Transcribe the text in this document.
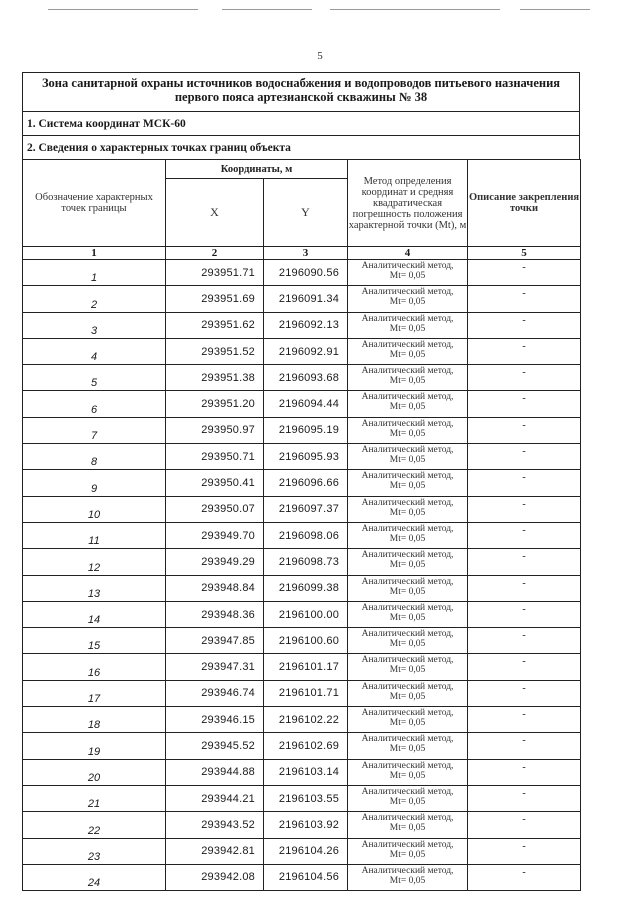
5
Зона санитарной охраны источников водоснабжения и водопроводов питьевого назначения первого пояса артезианской скважины № 38
1. Система координат МСК-60
2. Сведения о характерных точках границ объекта
Обозначение характерных точек границы	Координаты, м		Метод определения координат и средняя квадратическая погрешность положения характерной точки (Mt), м	Описание закрепления точки
	X	Y		
1	2	3	4	5
1	293951.71	2196090.56	Аналитический метод,
Mt= 0,05	-
2	293951.69	2196091.34	Аналитический метод,
Mt= 0,05	-
3	293951.62	2196092.13	Аналитический метод,
Mt= 0,05	-
4	293951.52	2196092.91	Аналитический метод,
Mt= 0,05	-
5	293951.38	2196093.68	Аналитический метод,
Mt= 0,05	-
6	293951.20	2196094.44	Аналитический метод,
Mt= 0,05	-
7	293950.97	2196095.19	Аналитический метод,
Mt= 0,05	-
8	293950.71	2196095.93	Аналитический метод,
Mt= 0,05	-
9	293950.41	2196096.66	Аналитический метод,
Mt= 0,05	-
10	293950.07	2196097.37	Аналитический метод,
Mt= 0,05	-
11	293949.70	2196098.06	Аналитический метод,
Mt= 0,05	-
12	293949.29	2196098.73	Аналитический метод,
Mt= 0,05	-
13	293948.84	2196099.38	Аналитический метод,
Mt= 0,05	-
14	293948.36	2196100.00	Аналитический метод,
Mt= 0,05	-
15	293947.85	2196100.60	Аналитический метод,
Mt= 0,05	-
16	293947.31	2196101.17	Аналитический метод,
Mt= 0,05	-
17	293946.74	2196101.71	Аналитический метод,
Mt= 0,05	-
18	293946.15	2196102.22	Аналитический метод,
Mt= 0,05	-
19	293945.52	2196102.69	Аналитический метод,
Mt= 0,05	-
20	293944.88	2196103.14	Аналитический метод,
Mt= 0,05	-
21	293944.21	2196103.55	Аналитический метод,
Mt= 0,05	-
22	293943.52	2196103.92	Аналитический метод,
Mt= 0,05	-
23	293942.81	2196104.26	Аналитический метод,
Mt= 0,05	-
24	293942.08	2196104.56	Аналитический метод,
Mt= 0,05	-
